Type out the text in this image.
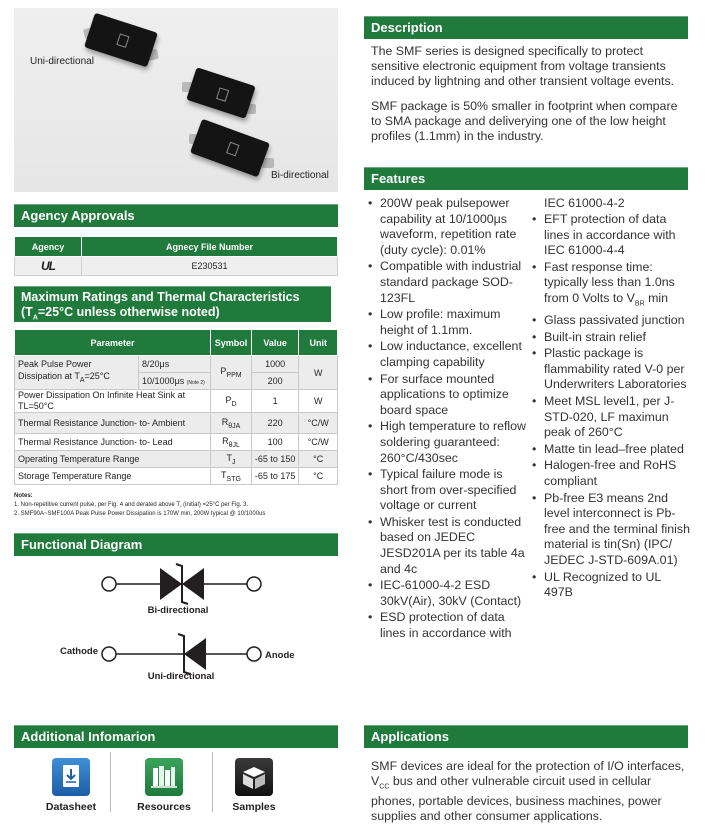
Uni-directional
Bi-directional
Agency Approvals
Agency	Agnecy File Number
UL	E230531
Maximum Ratings and Thermal Characteristics
($T_A=25^\circ C$ unless otherwise noted)
Parameter		Symbol	Value	Unit
Peak Pulse Power Dissipation at $T_A=25^\circ C$	8/20μs	$P_{PPM}$	1000	W
	10/1000μs (Note 2)		200	
Power Dissipation On Infinite Heat Sink at TL=50°C		$P_D$	1	W
Thermal Resistance Junction- to- Ambient		$R_{\theta JA}$	220	°C/W
Thermal Resistance Junction- to- Lead		$R_{\theta JL}$	100	°C/W
Operating Temperature Range		$T_J$	-65 to 150	°C
Storage Temperature Range		$T_{STG}$	-65 to 175	°C
Notes:
1. Non-repetitive current pulse, per Fig. 4 and derated above T⁁ (initial) =25°C per Fig. 3.
2. SMF90A~SMF100A Peak Pulse Power Dissipation is 170W min, 200W typical @ 10/1000us
Functional Diagram
Bi-directional
Cathode	Anode
Uni-directional
Additional Infomarion
Datasheet	Resources	Samples
Description
The SMF series is designed specifically to protect sensitive electronic equipment from voltage transients induced by lightning and other transient voltage events.
SMF package is 50% smaller in footprint when compare to SMA package and deliverying one of the low height profiles (1.1mm) in the industry.
Features
• 200W peak pulsepower capability at 10/1000μs waveform, repetition rate (duty cycle): 0.01%
• Compatible with industrial standard package SOD-123FL
• Low profile: maximum height of 1.1mm.
• Low inductance, excellent clamping capability
• For surface mounted applications to optimize board space
• High temperature to reflow soldering guaranteed: 260°C/430sec
• Typical failure mode is short from over-specified voltage or current
• Whisker test is conducted based on JEDEC JESD201A per its table 4a and 4c
• IEC-61000-4-2 ESD 30kV(Air), 30kV (Contact)
• ESD protection of data lines in accordance with
IEC 61000-4-2
• EFT protection of data lines in accordance with IEC 61000-4-4
• Fast response time: typically less than 1.0ns from 0 Volts to $V_{BR}$ min
• Glass passivated junction
• Built-in strain relief
• Plastic package is flammability rated V-0 per Underwriters Laboratories
• Meet MSL level1, per J-STD-020, LF maximun peak of 260°C
• Matte tin lead–free plated
• Halogen-free and RoHS compliant
• Pb-free E3 means 2nd level interconnect is Pb-free and the terminal finish material is tin(Sn) (IPC/ JEDEC J-STD-609A.01)
• UL Recognized to UL 497B
Applications
SMF devices are ideal for the protection of I/O interfaces, $V_{CC}$ bus and other vulnerable circuit used in cellular phones, portable devices, business machines, power supplies and other consumer applications.
